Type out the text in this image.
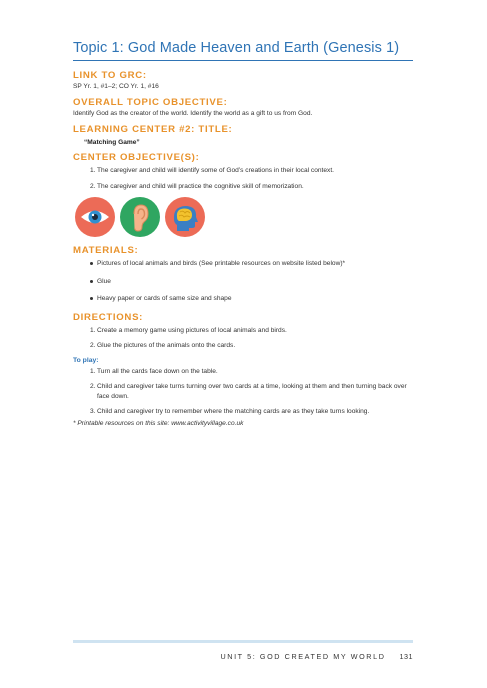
Topic 1: God Made Heaven and Earth (Genesis 1)

LINK TO GRC:

SP Yr. 1, #1–2; CO Yr. 1, #16

OVERALL TOPIC OBJECTIVE:

Identify God as the creator of the world. Identify the world as a gift to us from God.

LEARNING CENTER #2: TITLE:

“Matching Game”

CENTER OBJECTIVE(S):

1. The caregiver and child will identify some of God’s creations in their local context.
2. The caregiver and child will practice the cognitive skill of memorization.

MATERIALS:

Pictures of local animals and birds (See printable resources on website listed below)*
Glue
Heavy paper or cards of same size and shape

DIRECTIONS:

1. Create a memory game using pictures of local animals and birds.
2. Glue the pictures of the animals onto the cards.

To play:

1. Turn all the cards face down on the table.
2. Child and caregiver take turns turning over two cards at a time, looking at them and then turning back over face down.
3. Child and caregiver try to remember where the matching cards are as they take turns looking.

* Printable resources on this site: www.activityvillage.co.uk

UNIT 5: GOD CREATED MY WORLD 131
